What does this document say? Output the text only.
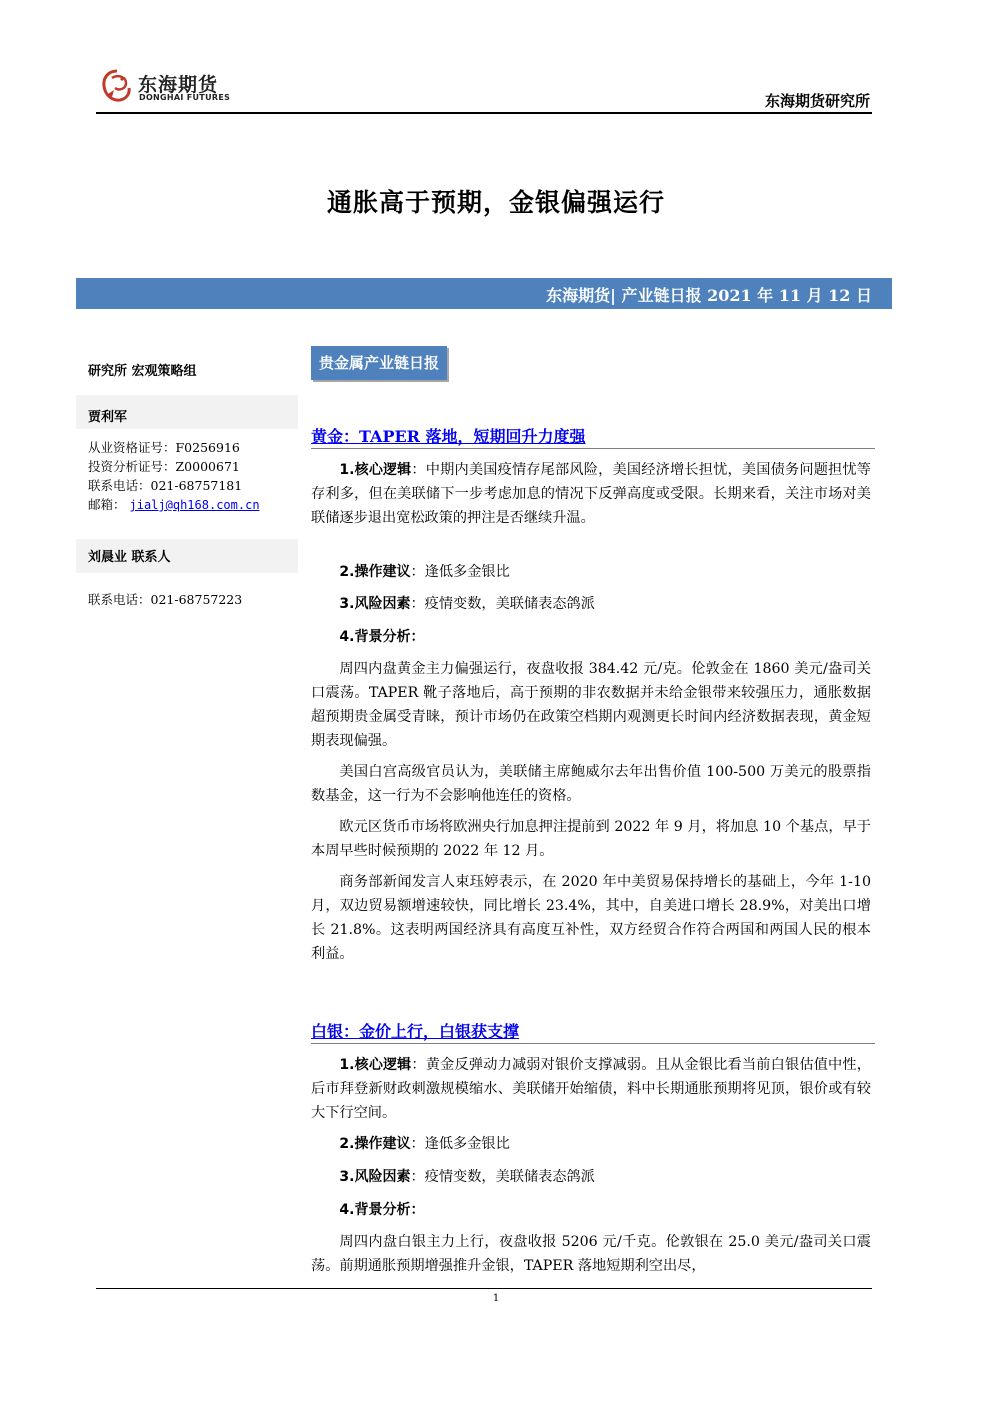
东海期货
DONGHAI FUTURES	东海期货研究所
通胀高于预期，金银偏强运行
东海期货| 产业链日报 2021 年 11 月 12 日
研究所 宏观策略组
贾利军
从业资格证号：F0256916
投资分析证号：Z0000671
联系电话：021-68757181
邮箱： jialj@qh168.com.cn
刘晨业 联系人
联系电话：021-68757223
贵金属产业链日报
黄金：TAPER 落地，短期回升力度强
1.核心逻辑：中期内美国疫情存尾部风险，美国经济增长担忧，美国债务问题担忧等存利多，但在美联储下一步考虑加息的情况下反弹高度或受限。长期来看，关注市场对美联储逐步退出宽松政策的押注是否继续升温。
2.操作建议：逢低多金银比
3.风险因素：疫情变数，美联储表态鸽派
4.背景分析：
周四内盘黄金主力偏强运行，夜盘收报 384.42 元/克。伦敦金在 1860 美元/盎司关口震荡。TAPER 靴子落地后，高于预期的非农数据并未给金银带来较强压力，通胀数据超预期贵金属受青睐，预计市场仍在政策空档期内观测更长时间内经济数据表现，黄金短期表现偏强。
美国白宫高级官员认为，美联储主席鲍威尔去年出售价值 100-500 万美元的股票指数基金，这一行为不会影响他连任的资格。
欧元区货币市场将欧洲央行加息押注提前到 2022 年 9 月，将加息 10 个基点，早于本周早些时候预期的 2022 年 12 月。
商务部新闻发言人束珏婷表示，在 2020 年中美贸易保持增长的基础上，今年 1-10 月，双边贸易额增速较快，同比增长 23.4%，其中，自美进口增长 28.9%，对美出口增长 21.8%。这表明两国经济具有高度互补性，双方经贸合作符合两国和两国人民的根本利益。
白银：金价上行，白银获支撑
1.核心逻辑：黄金反弹动力减弱对银价支撑减弱。且从金银比看当前白银估值中性，后市拜登新财政刺激规模缩水、美联储开始缩债，料中长期通胀预期将见顶，银价或有较大下行空间。
2.操作建议：逢低多金银比
3.风险因素：疫情变数，美联储表态鸽派
4.背景分析：
周四内盘白银主力上行，夜盘收报 5206 元/千克。伦敦银在 25.0 美元/盎司关口震荡。前期通胀预期增强推升金银，TAPER 落地短期利空出尽，
1
